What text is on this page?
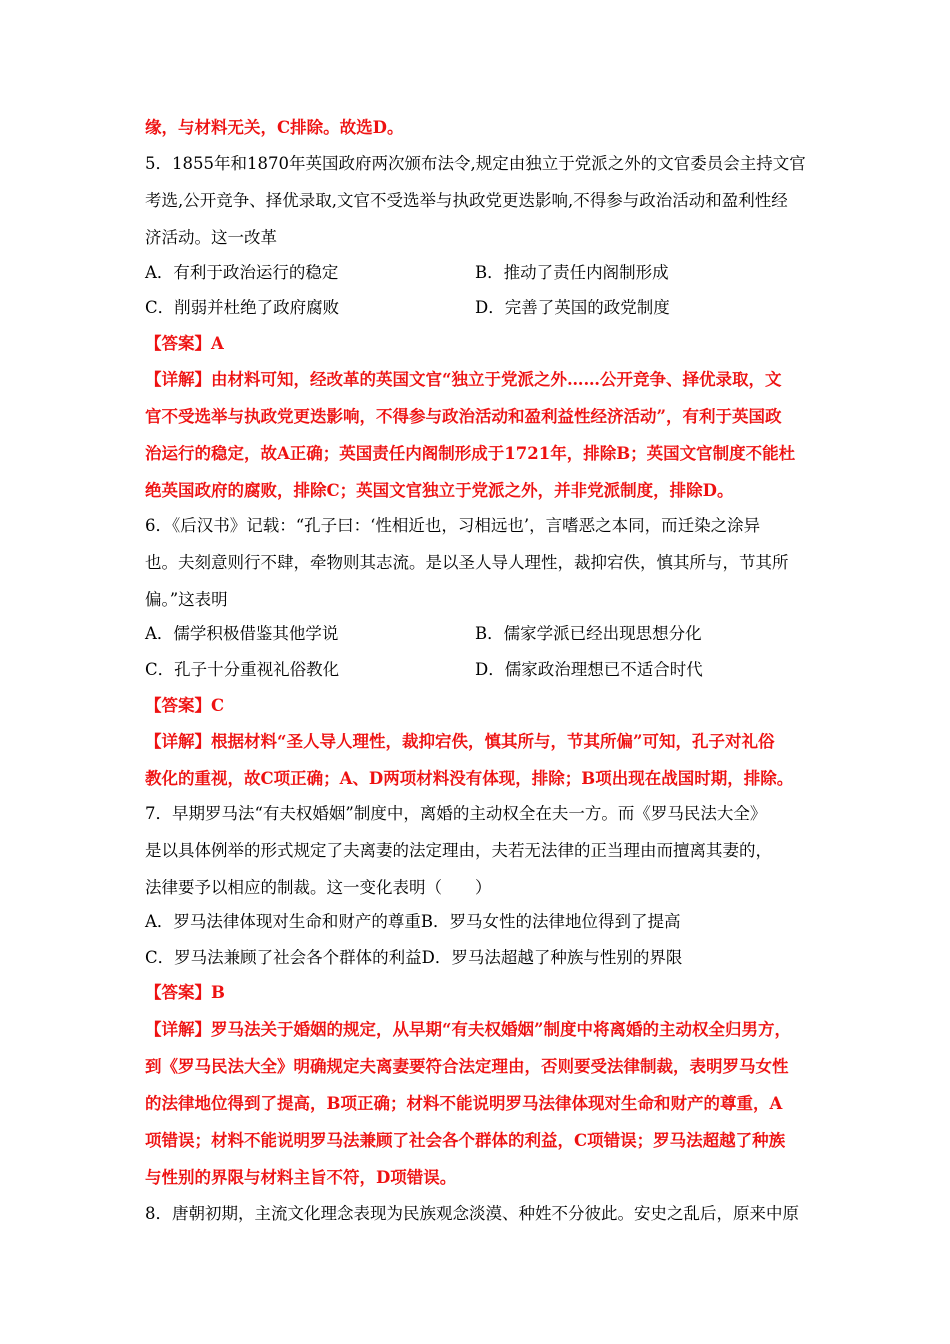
缘，与材料无关，C排除。故选D。
5．1855年和1870年英国政府两次颁布法令,规定由独立于党派之外的文官委员会主持文官
考选,公开竞争、择优录取,文官不受选举与执政党更迭影响,不得参与政治活动和盈利性经
济活动。这一改革
A．有利于政治运行的稳定	B．推动了责任内阁制形成
C．削弱并杜绝了政府腐败	D．完善了英国的政党制度
【答案】A
【详解】由材料可知，经改革的英国文官“独立于党派之外……公开竞争、择优录取，文
官不受选举与执政党更迭影响，不得参与政治活动和盈利益性经济活动”，有利于英国政
治运行的稳定，故A正确；英国责任内阁制形成于1721年，排除B；英国文官制度不能杜
绝英国政府的腐败，排除C；英国文官独立于党派之外，并非党派制度，排除D。
6．《后汉书》记载：“孔子曰：‘性相近也，习相远也’，言嗜恶之本同，而迁染之涂异
也。夫刻意则行不肆，牵物则其志流。是以圣人导人理性，裁抑宕佚，慎其所与，节其所
偏。”这表明
A．儒学积极借鉴其他学说	B．儒家学派已经出现思想分化
C．孔子十分重视礼俗教化	D．儒家政治理想已不适合时代
【答案】C
【详解】根据材料“圣人导人理性，裁抑宕佚，慎其所与，节其所偏”可知，孔子对礼俗
教化的重视，故C项正确；A、D两项材料没有体现，排除；B项出现在战国时期，排除。
7．早期罗马法“有夫权婚姻”制度中，离婚的主动权全在夫一方。而《罗马民法大全》
是以具体例举的形式规定了夫离妻的法定理由，夫若无法律的正当理由而擅离其妻的，
法律要予以相应的制裁。这一变化表明（　　）
A．罗马法律体现对生命和财产的尊重B．罗马女性的法律地位得到了提高
C．罗马法兼顾了社会各个群体的利益D．罗马法超越了种族与性别的界限
【答案】B
【详解】罗马法关于婚姻的规定，从早期“有夫权婚姻”制度中将离婚的主动权全归男方，
到《罗马民法大全》明确规定夫离妻要符合法定理由，否则要受法律制裁，表明罗马女性
的法律地位得到了提高，B项正确；材料不能说明罗马法律体现对生命和财产的尊重，A
项错误；材料不能说明罗马法兼顾了社会各个群体的利益，C项错误；罗马法超越了种族
与性别的界限与材料主旨不符，D项错误。
8．唐朝初期，主流文化理念表现为民族观念淡漠、种姓不分彼此。安史之乱后，原来中原
